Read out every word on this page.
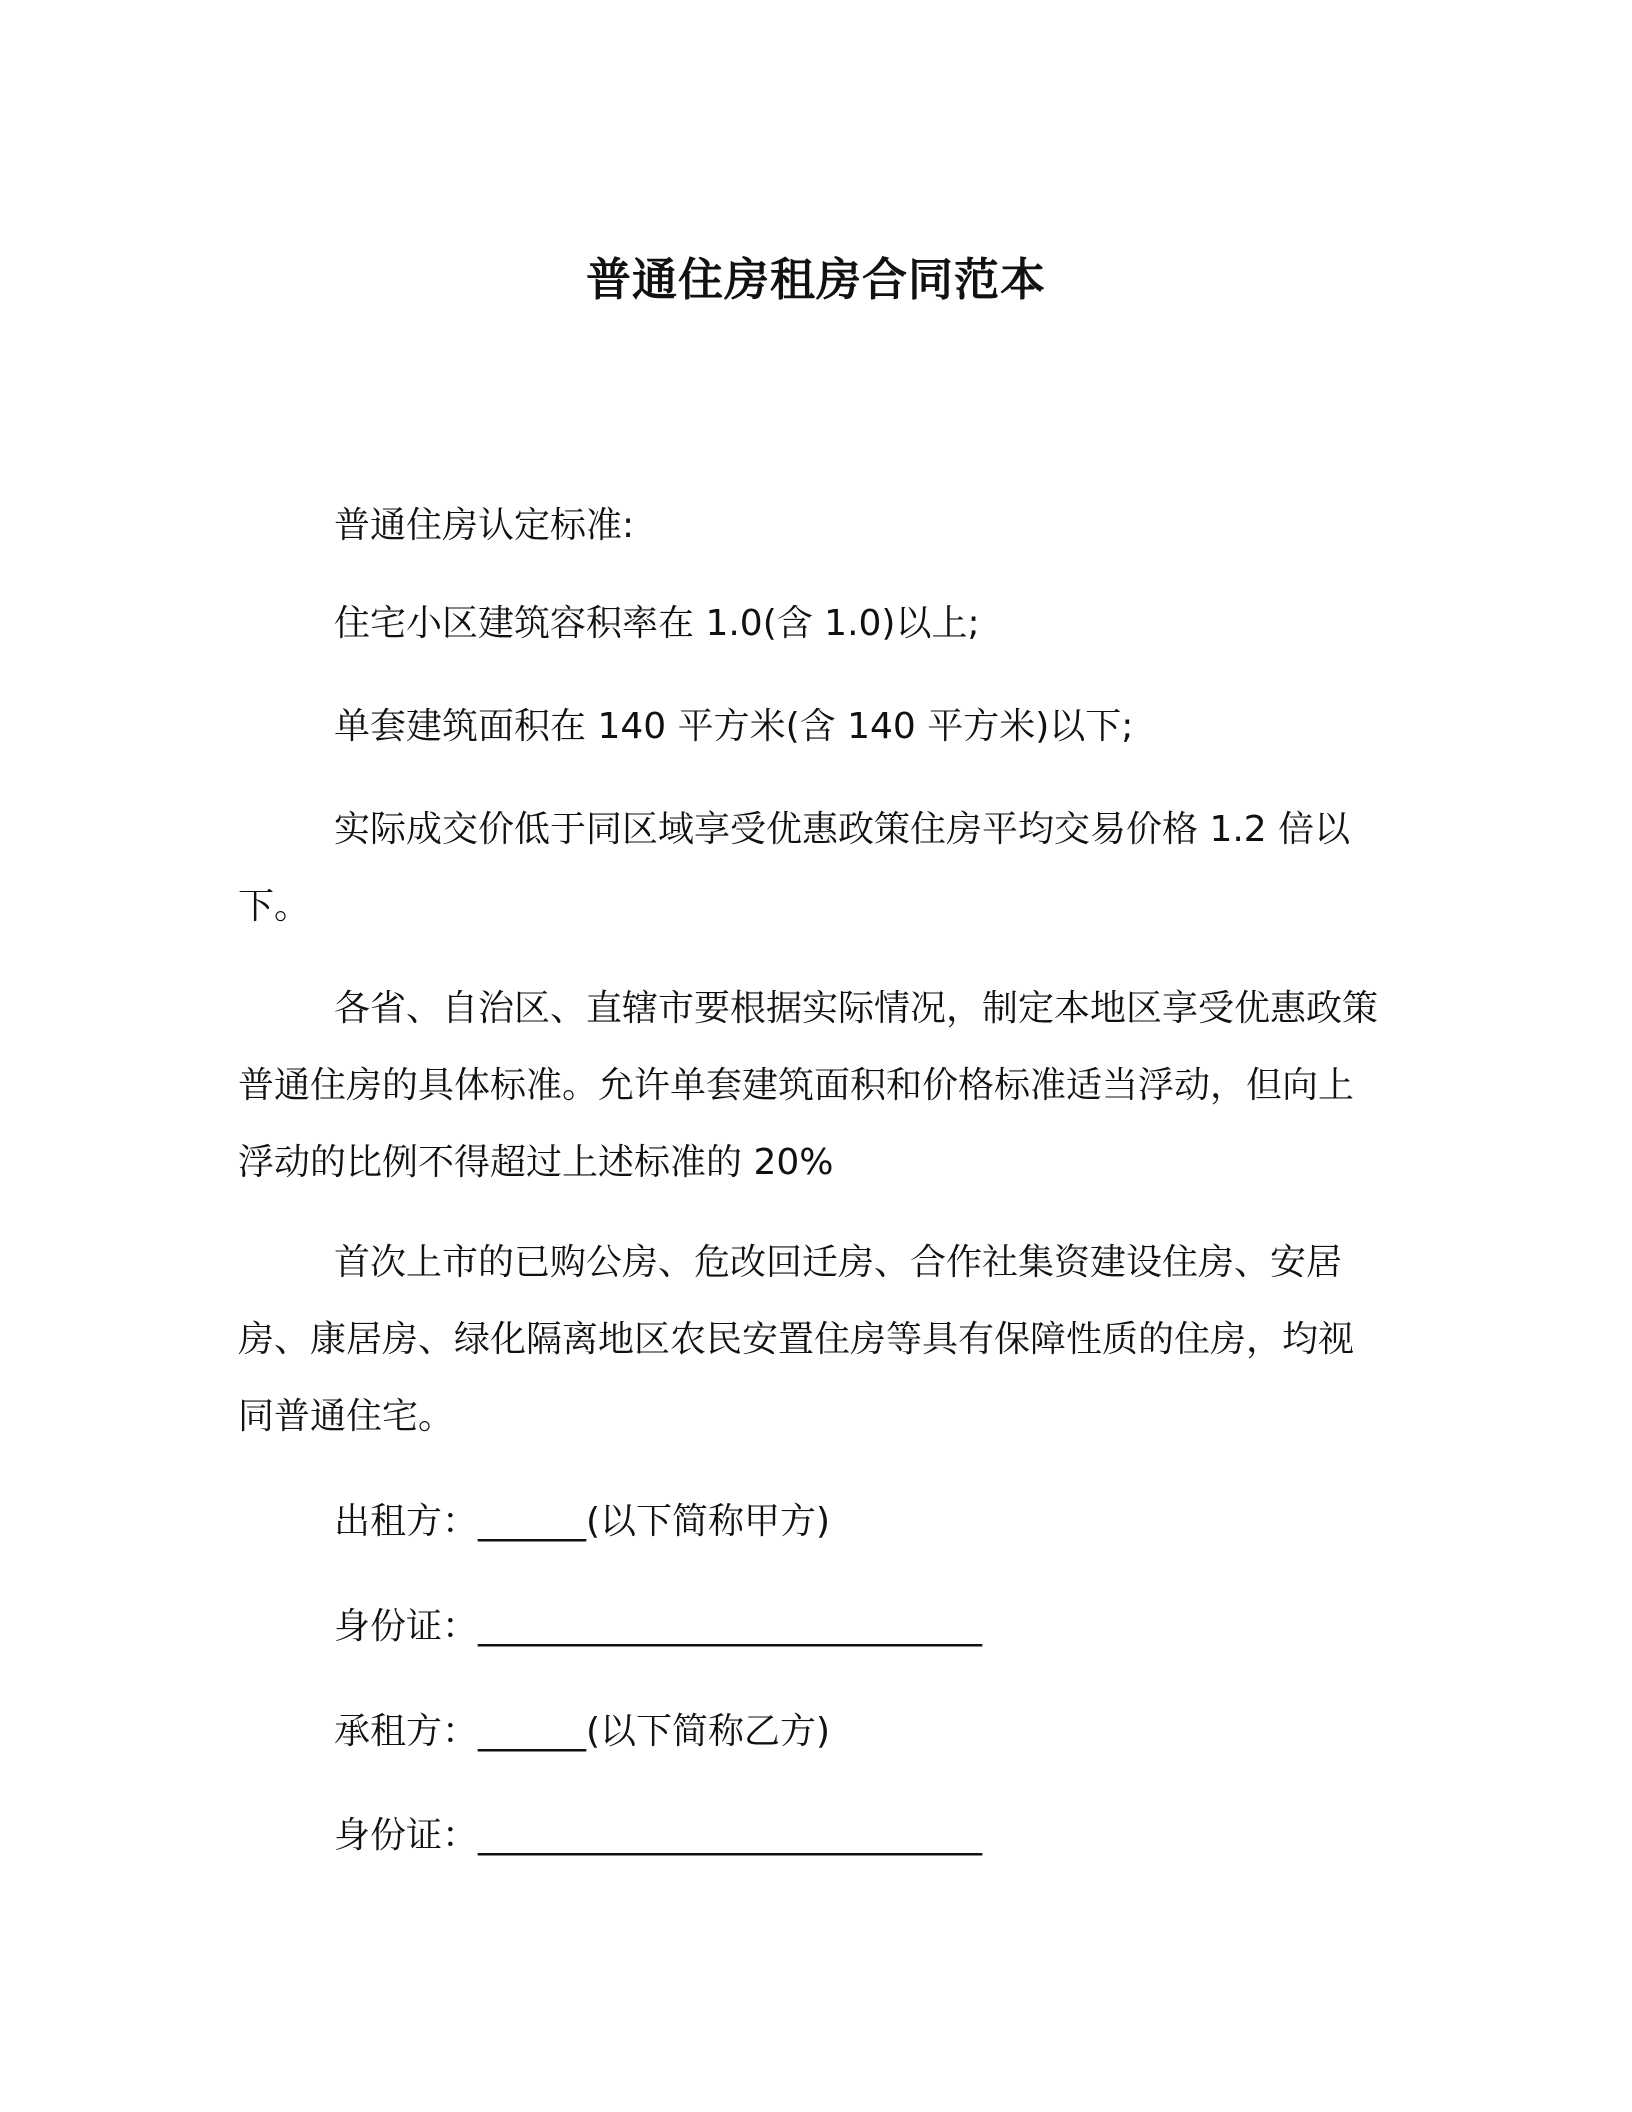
普通住房租房合同范本

普通住房认定标准:

住宅小区建筑容积率在 1.0(含 1.0)以上;

单套建筑面积在 140 平方米(含 140 平方米)以下;

实际成交价低于同区域享受优惠政策住房平均交易价格 1.2 倍以下。

各省、自治区、直辖市要根据实际情况，制定本地区享受优惠政策普通住房的具体标准。允许单套建筑面积和价格标准适当浮动，但向上浮动的比例不得超过上述标准的 20%

首次上市的已购公房、危改回迁房、合作社集资建设住房、安居房、康居房、绿化隔离地区农民安置住房等具有保障性质的住房，均视同普通住宅。

出租方：______(以下简称甲方)

身份证：____________________________

承租方：______(以下简称乙方)

身份证：____________________________
